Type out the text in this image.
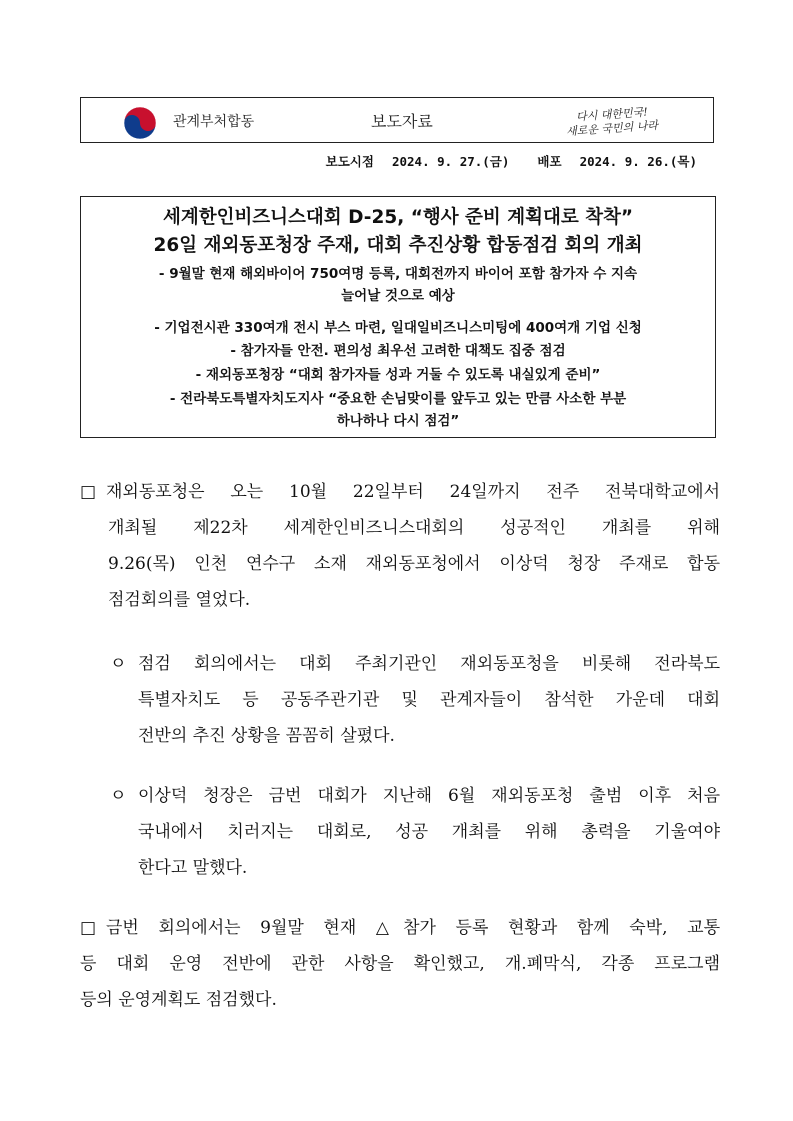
관계부처합동	보도자료	다시 대한민국!
새로운 국민의 나라
보도시점 2024. 9. 27.(금) 배포 2024. 9. 26.(목)
세계한인비즈니스대회 D-25, “행사 준비 계획대로 착착”
26일 재외동포청장 주재, 대회 추진상황 합동점검 회의 개최
- 9월말 현재 해외바이어 750여명 등록, 대회전까지 바이어 포함 참가자 수 지속
늘어날 것으로 예상
- 기업전시관 330여개 전시 부스 마련, 일대일비즈니스미팅에 400여개 기업 신청
- 참가자들 안전. 편의성 최우선 고려한 대책도 집중 점검
- 재외동포청장 “대회 참가자들 성과 거둘 수 있도록 내실있게 준비”
- 전라북도특별자치도지사 “중요한 손님맞이를 앞두고 있는 만큼 사소한 부분
하나하나 다시 점검”
□ 재외동포청은 오는 10월 22일부터 24일까지 전주 전북대학교에서
개최될 제22차 세계한인비즈니스대회의 성공적인 개최를 위해
9.26(목) 인천 연수구 소재 재외동포청에서 이상덕 청장 주재로 합동
점검회의를 열었다.
ㅇ 점검 회의에서는 대회 주최기관인 재외동포청을 비롯해 전라북도
특별자치도 등 공동주관기관 및 관계자들이 참석한 가운데 대회
전반의 추진 상황을 꼼꼼히 살폈다.
ㅇ 이상덕 청장은 금번 대회가 지난해 6월 재외동포청 출범 이후 처음
국내에서 치러지는 대회로, 성공 개최를 위해 총력을 기울여야
한다고 말했다.
□ 금번 회의에서는 9월말 현재 △참가 등록 현황과 함께 숙박, 교통
등 대회 운영 전반에 관한 사항을 확인했고, 개.폐막식, 각종 프로그램
등의 운영계획도 점검했다.
